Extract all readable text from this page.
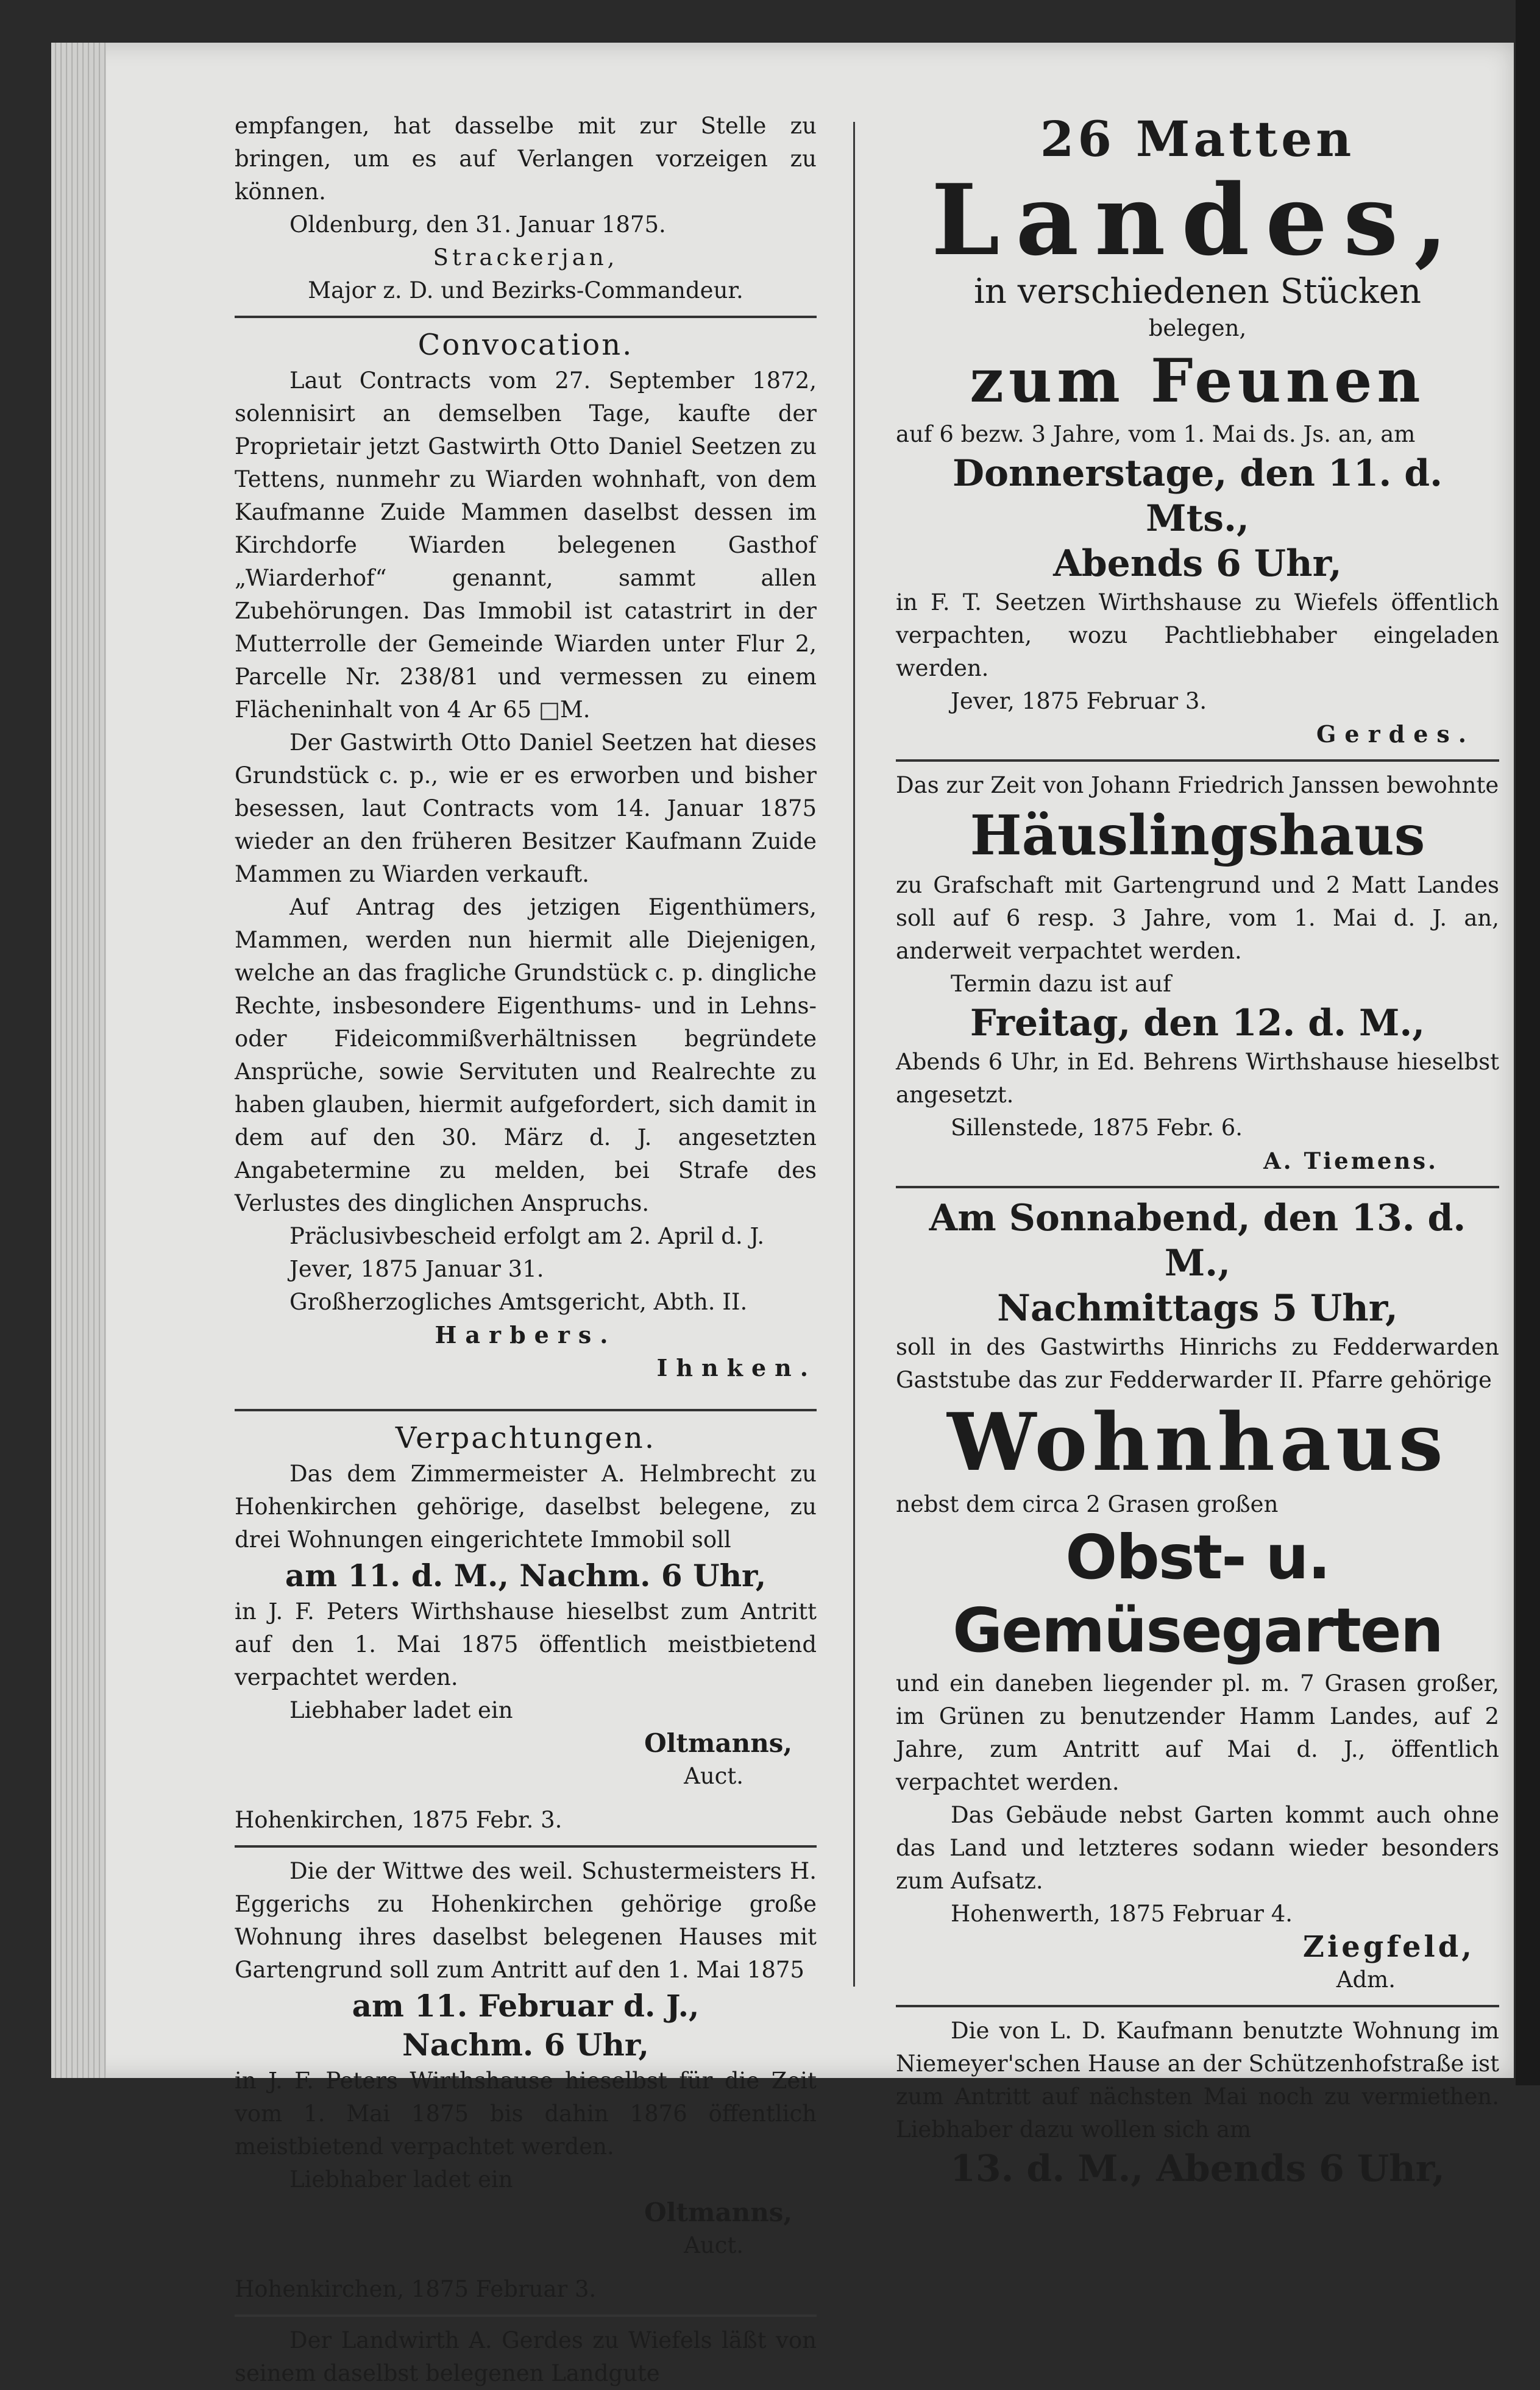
empfangen, hat dasselbe mit zur Stelle zu bringen, um es auf Verlangen vorzeigen zu können.

Oldenburg, den 31. Januar 1875.

Strackerjan,

Major z. D. und Bezirks-Commandeur.

Convocation.

Laut Contracts vom 27. September 1872, solennisirt an demselben Tage, kaufte der Proprietair jetzt Gastwirth Otto Daniel Seetzen zu Tettens, nunmehr zu Wiarden wohnhaft, von dem Kaufmanne Zuide Mammen daselbst dessen im Kirchdorfe Wiarden belegenen Gasthof „Wiarderhof“ genannt, sammt allen Zubehörungen. Das Immobil ist catastrirt in der Mutterrolle der Gemeinde Wiarden unter Flur 2, Parcelle Nr. 238/81 und vermessen zu einem Flächeninhalt von 4 Ar 65 □M.

Der Gastwirth Otto Daniel Seetzen hat dieses Grundstück c. p., wie er es erworben und bisher besessen, laut Contracts vom 14. Januar 1875 wieder an den früheren Besitzer Kaufmann Zuide Mammen zu Wiarden verkauft.

Auf Antrag des jetzigen Eigenthümers, Mammen, werden nun hiermit alle Diejenigen, welche an das fragliche Grundstück c. p. dingliche Rechte, insbesondere Eigenthums- und in Lehns- oder Fideicommißverhältnissen begründete Ansprüche, sowie Servituten und Realrechte zu haben glauben, hiermit aufgefordert, sich damit in dem auf den 30. März d. J. angesetzten Angabetermine zu melden, bei Strafe des Verlustes des dinglichen Anspruchs.

Präclusivbescheid erfolgt am 2. April d. J.

Jever, 1875 Januar 31.

Großherzogliches Amtsgericht, Abth. II.

Harbers.

Ihnken.

Verpachtungen.

Das dem Zimmermeister A. Helmbrecht zu Hohenkirchen gehörige, daselbst belegene, zu drei Wohnungen eingerichtete Immobil soll

am 11. d. M., Nachm. 6 Uhr,

in J. F. Peters Wirthshause hieselbst zum Antritt auf den 1. Mai 1875 öffentlich meistbietend verpachtet werden.

Liebhaber ladet ein

Oltmanns,

Auct.

Hohenkirchen, 1875 Febr. 3.

Die der Wittwe des weil. Schustermeisters H. Eggerichs zu Hohenkirchen gehörige große Wohnung ihres daselbst belegenen Hauses mit Gartengrund soll zum Antritt auf den 1. Mai 1875

am 11. Februar d. J.,

Nachm. 6 Uhr,

in J. F. Peters Wirthshause hieselbst für die Zeit vom 1. Mai 1875 bis dahin 1876 öffentlich meistbietend verpachtet werden.

Liebhaber ladet ein

Oltmanns,

Auct.

Hohenkirchen, 1875 Februar 3.

Der Landwirth A. Gerdes zu Wiefels läßt von seinem daselbst belegenen Landgute

26 Matten

Landes,

in verschiedenen Stücken

belegen,

zum Feunen

auf 6 bezw. 3 Jahre, vom 1. Mai ds. Js. an, am

Donnerstage, den 11. d. Mts.,

Abends 6 Uhr,

in F. T. Seetzen Wirthshause zu Wiefels öffentlich verpachten, wozu Pachtliebhaber eingeladen werden.

Jever, 1875 Februar 3.

Gerdes.

Das zur Zeit von Johann Friedrich Janssen bewohnte

Häuslingshaus

zu Grafschaft mit Gartengrund und 2 Matt Landes soll auf 6 resp. 3 Jahre, vom 1. Mai d. J. an, anderweit verpachtet werden.

Termin dazu ist auf

Freitag, den 12. d. M.,

Abends 6 Uhr, in Ed. Behrens Wirthshause hieselbst angesetzt.

Sillenstede, 1875 Febr. 6.

A. Tiemens.

Am Sonnabend, den 13. d. M.,

Nachmittags 5 Uhr,

soll in des Gastwirths Hinrichs zu Fedderwarden Gaststube das zur Fedderwarder II. Pfarre gehörige

Wohnhaus

nebst dem circa 2 Grasen großen

Obst- u. Gemüsegarten

und ein daneben liegender pl. m. 7 Grasen großer, im Grünen zu benutzender Hamm Landes, auf 2 Jahre, zum Antritt auf Mai d. J., öffentlich verpachtet werden.

Das Gebäude nebst Garten kommt auch ohne das Land und letzteres sodann wieder besonders zum Aufsatz.

Hohenwerth, 1875 Februar 4.

Ziegfeld,

Adm.

Die von L. D. Kaufmann benutzte Wohnung im Niemeyer'schen Hause an der Schützenhofstraße ist zum Antritt auf nächsten Mai noch zu vermiethen. Liebhaber dazu wollen sich am

13. d. M., Abends 6 Uhr,
